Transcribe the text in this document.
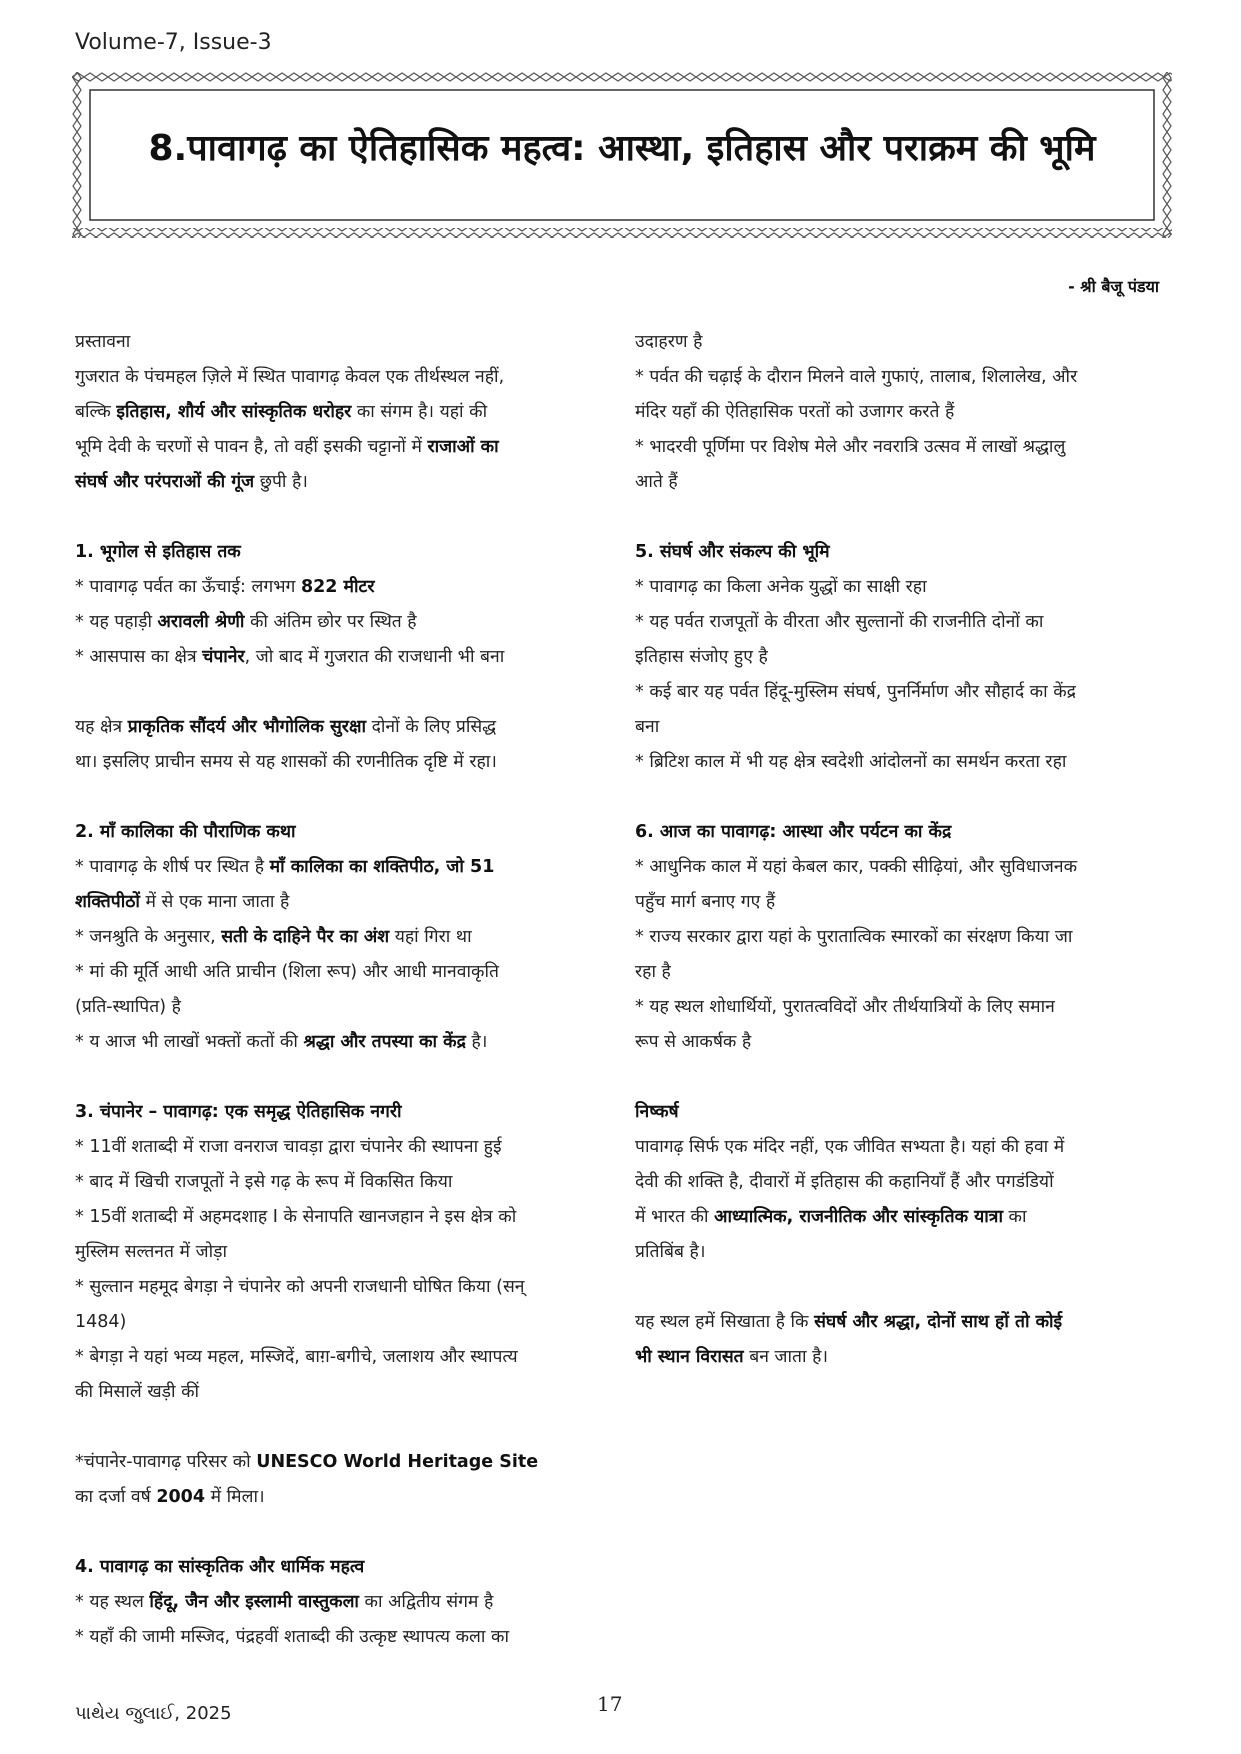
Volume-7, Issue-3
8.पावागढ़ का ऐतिहासिक महत्व: आस्था, इतिहास और पराक्रम की भूमि
- श्री बैजू पंडया
प्रस्तावना
गुजरात के पंचमहल ज़िले में स्थित पावागढ़ केवल एक तीर्थस्थल नहीं,
बल्कि इतिहास, शौर्य और सांस्कृतिक धरोहर का संगम है। यहां की
भूमि देवी के चरणों से पावन है, तो वहीं इसकी चट्टानों में राजाओं का
संघर्ष और परंपराओं की गूंज छुपी है।
1. भूगोल से इतिहास तक
* पावागढ़ पर्वत का ऊँचाई: लगभग 822 मीटर
* यह पहाड़ी अरावली श्रेणी की अंतिम छोर पर स्थित है
* आसपास का क्षेत्र चंपानेर, जो बाद में गुजरात की राजधानी भी बना
यह क्षेत्र प्राकृतिक सौंदर्य और भौगोलिक सुरक्षा दोनों के लिए प्रसिद्ध
था। इसलिए प्राचीन समय से यह शासकों की रणनीतिक दृष्टि में रहा।
2. माँ कालिका की पौराणिक कथा
* पावागढ़ के शीर्ष पर स्थित है माँ कालिका का शक्तिपीठ, जो 51
शक्तिपीठों में से एक माना जाता है
* जनश्रुति के अनुसार, सती के दाहिने पैर का अंश यहां गिरा था
* मां की मूर्ति आधी अति प्राचीन (शिला रूप) और आधी मानवाकृति
(प्रति-स्थापित) है
* य आज भी लाखों भक्तों कतों की श्रद्धा और तपस्या का केंद्र है।
3. चंपानेर – पावागढ़: एक समृद्ध ऐतिहासिक नगरी
* 11वीं शताब्दी में राजा वनराज चावड़ा द्वारा चंपानेर की स्थापना हुई
* बाद में खिची राजपूतों ने इसे गढ़ के रूप में विकसित किया
* 15वीं शताब्दी में अहमदशाह I के सेनापति खानजहान ने इस क्षेत्र को
मुस्लिम सल्तनत में जोड़ा
* सुल्तान महमूद बेगड़ा ने चंपानेर को अपनी राजधानी घोषित किया (सन्
1484)
* बेगड़ा ने यहां भव्य महल, मस्जिदें, बाग़-बगीचे, जलाशय और स्थापत्य
की मिसालें खड़ी कीं
*चंपानेर-पावागढ़ परिसर को UNESCO World Heritage Site
का दर्जा वर्ष 2004 में मिला।
4. पावागढ़ का सांस्कृतिक और धार्मिक महत्व
* यह स्थल हिंदू, जैन और इस्लामी वास्तुकला का अद्वितीय संगम है
* यहाँ की जामी मस्जिद, पंद्रहवीं शताब्दी की उत्कृष्ट स्थापत्य कला का
उदाहरण है
* पर्वत की चढ़ाई के दौरान मिलने वाले गुफाएं, तालाब, शिलालेख, और
मंदिर यहाँ की ऐतिहासिक परतों को उजागर करते हैं
* भादरवी पूर्णिमा पर विशेष मेले और नवरात्रि उत्सव में लाखों श्रद्धालु
आते हैं
5. संघर्ष और संकल्प की भूमि
* पावागढ़ का किला अनेक युद्धों का साक्षी रहा
* यह पर्वत राजपूतों के वीरता और सुल्तानों की राजनीति दोनों का
इतिहास संजोए हुए है
* कई बार यह पर्वत हिंदू-मुस्लिम संघर्ष, पुनर्निर्माण और सौहार्द का केंद्र
बना
* ब्रिटिश काल में भी यह क्षेत्र स्वदेशी आंदोलनों का समर्थन करता रहा
6. आज का पावागढ़: आस्था और पर्यटन का केंद्र
* आधुनिक काल में यहां केबल कार, पक्की सीढ़ियां, और सुविधाजनक
पहुँच मार्ग बनाए गए हैं
* राज्य सरकार द्वारा यहां के पुरातात्विक स्मारकों का संरक्षण किया जा
रहा है
* यह स्थल शोधार्थियों, पुरातत्वविदों और तीर्थयात्रियों के लिए समान
रूप से आकर्षक है
निष्कर्ष
पावागढ़ सिर्फ एक मंदिर नहीं, एक जीवित सभ्यता है। यहां की हवा में
देवी की शक्ति है, दीवारों में इतिहास की कहानियाँ हैं और पगडंडियों
में भारत की आध्यात्मिक, राजनीतिक और सांस्कृतिक यात्रा का
प्रतिबिंब है।
यह स्थल हमें सिखाता है कि संघर्ष और श्रद्धा, दोनों साथ हों तो कोई
भी स्थान विरासत बन जाता है।
પાથેય જુલાઈ, 2025	17
